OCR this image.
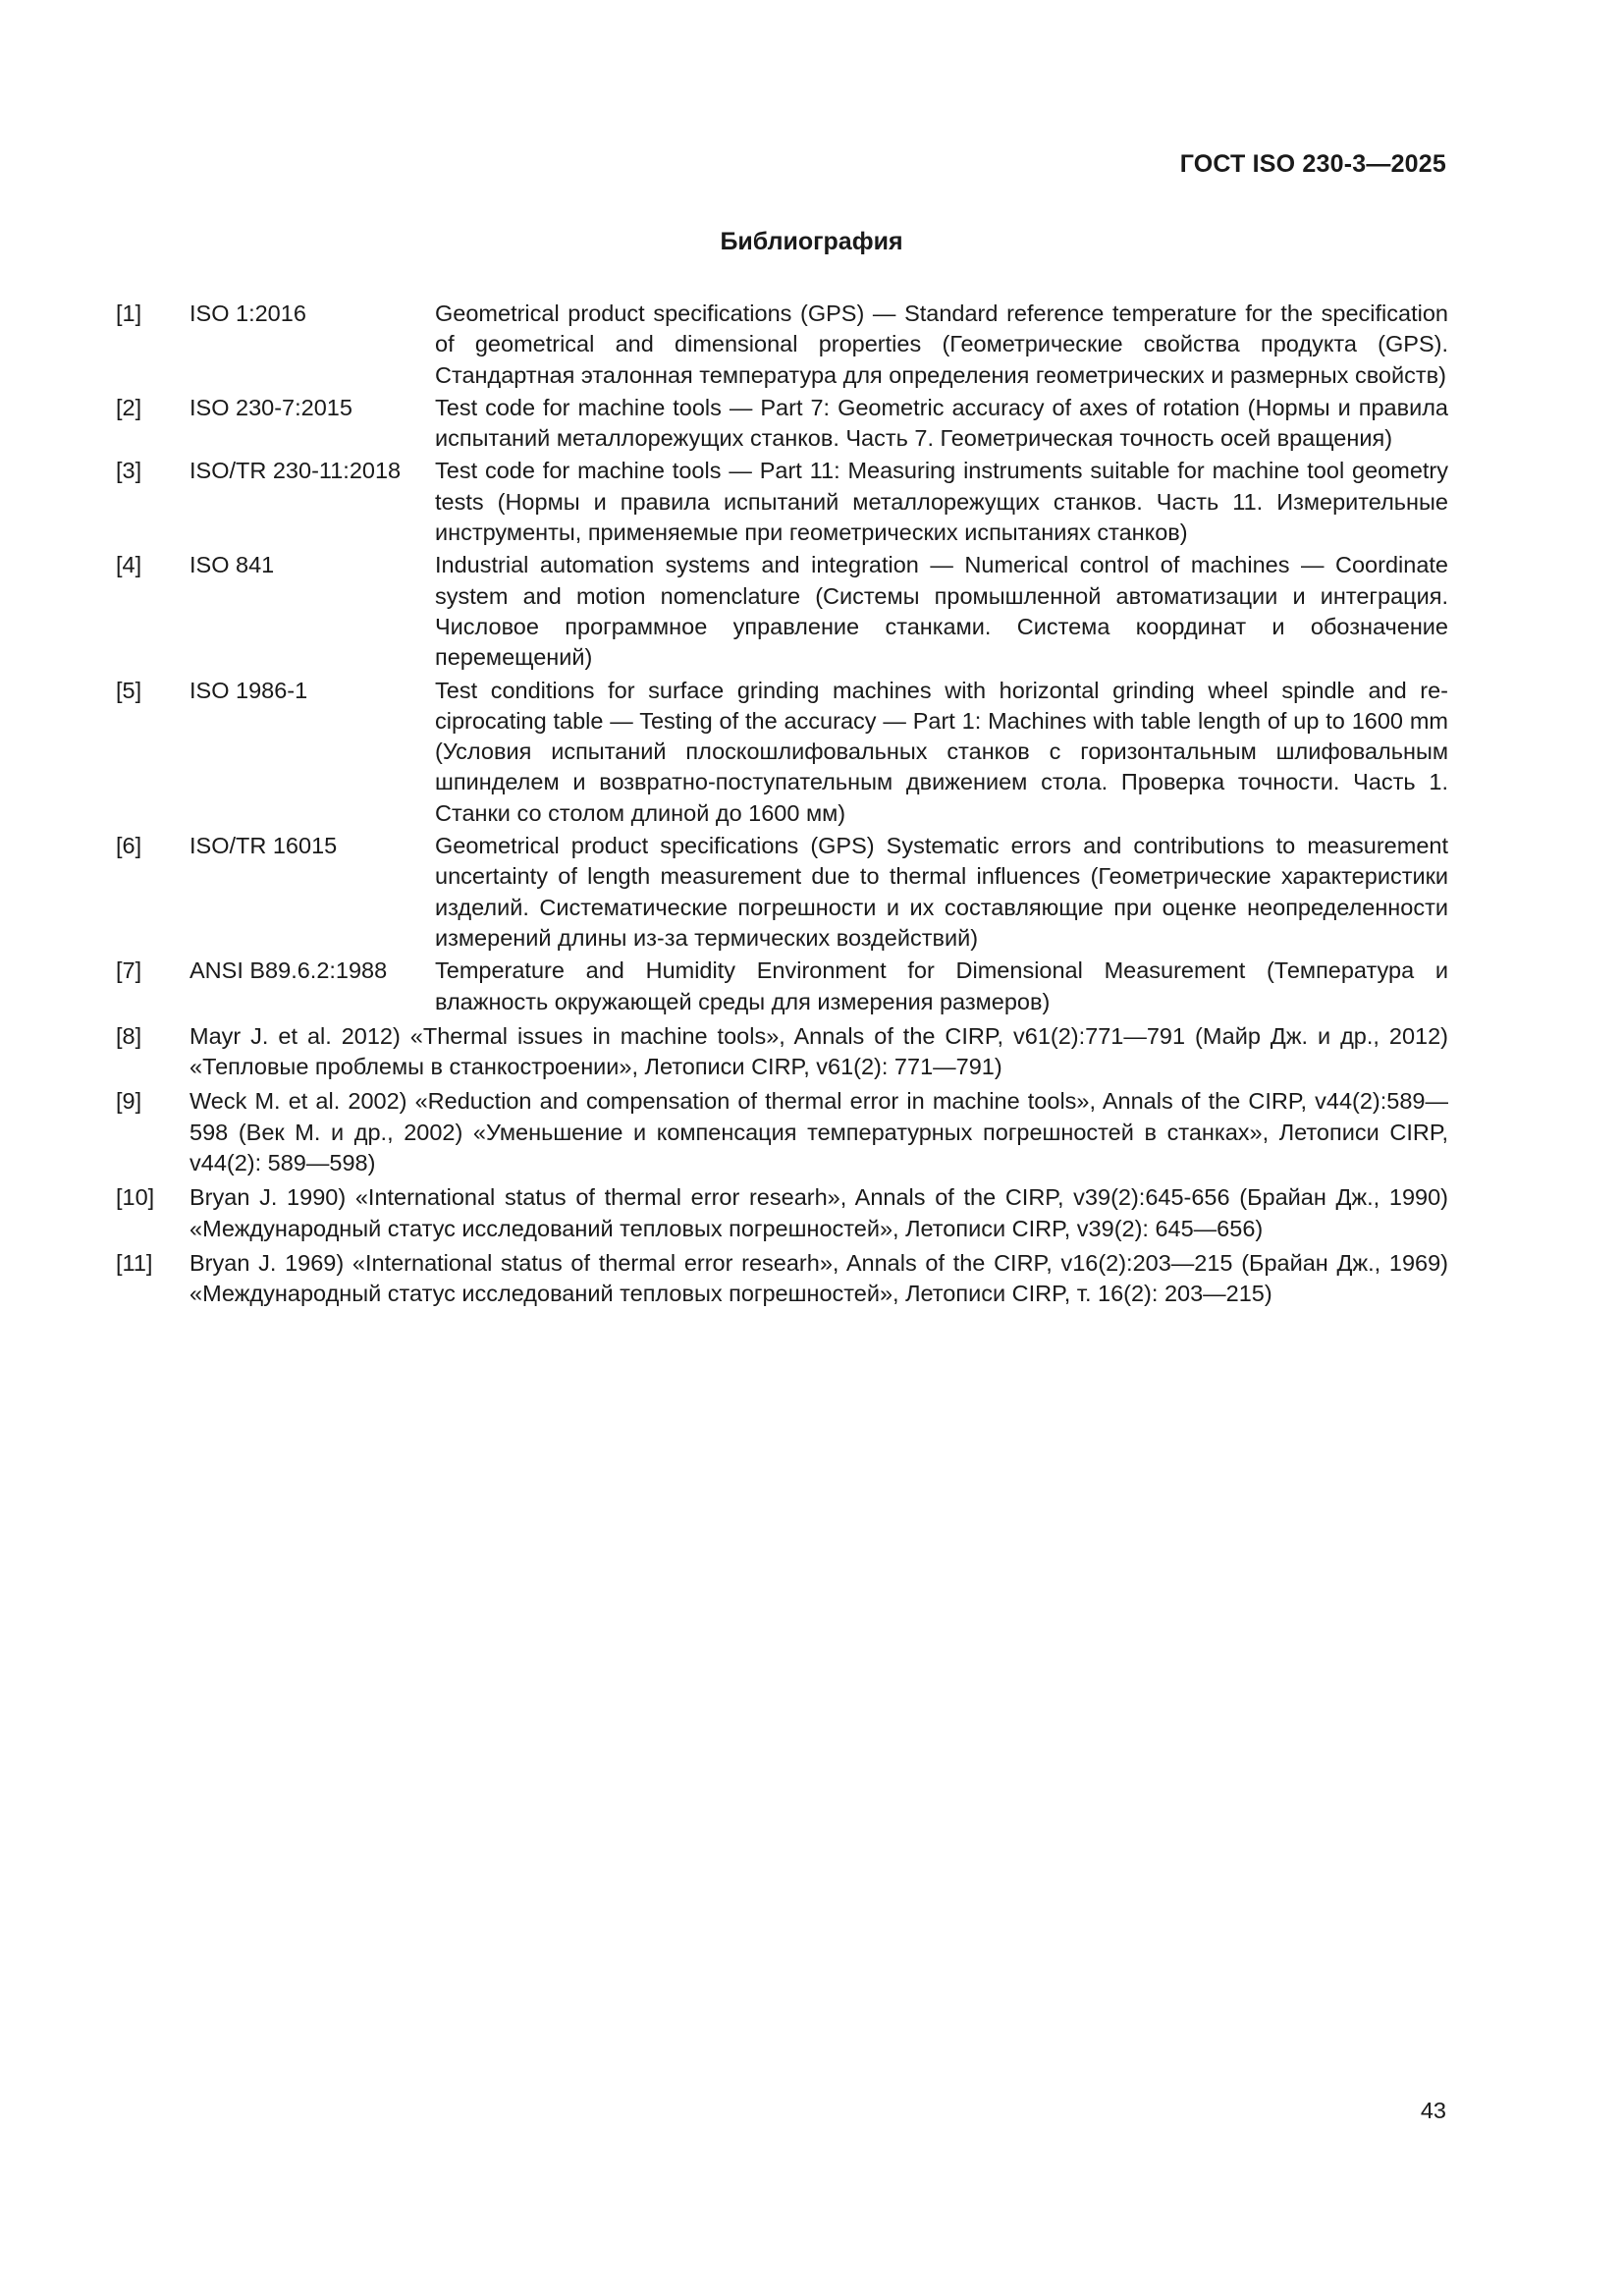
ГОСТ ISO 230-3—2025
Библиография
[1]	ISO 1:2016	Geometrical product specifications (GPS) — Standard reference temperature for the specification of geometrical and dimensional properties (Геометрические свойства продукта (GPS). Стандартная эталонная температура для определения геометрических и размерных свойств)
[2]	ISO 230-7:2015	Test code for machine tools — Part 7: Geometric accuracy of axes of rotation (Нормы и правила испытаний металлорежущих станков. Часть 7. Геометрическая точность осей вращения)
[3]	ISO/TR 230-11:2018	Test code for machine tools — Part 11: Measuring instruments suitable for machine tool geometry tests (Нормы и правила испытаний металлорежущих станков. Часть 11. Измерительные инструменты, применяемые при геометрических испытаниях станков)
[4]	ISO 841	Industrial automation systems and integration — Numerical control of machines — Coordinate system and motion nomenclature (Системы промышленной автоматизации и интеграция. Числовое программное управление станками. Система координат и обозначение перемещений)
[5]	ISO 1986-1	Test conditions for surface grinding machines with horizontal grinding wheel spindle and reciprocating table — Testing of the accuracy — Part 1: Machines with table length of up to 1600 mm (Условия испытаний плоскошлифовальных станков с горизонтальным шлифовальным шпинделем и возвратно-поступательным движением стола. Проверка точности. Часть 1. Станки со столом длиной до 1600 мм)
[6]	ISO/TR 16015	Geometrical product specifications (GPS) Systematic errors and contributions to measurement uncertainty of length measurement due to thermal influences (Геометрические характеристики изделий. Систематические погрешности и их составляющие при оценке неопределенности измерений длины из-за термических воздействий)
[7]	ANSI B89.6.2:1988	Temperature and Humidity Environment for Dimensional Measurement (Температура и влажность окружающей среды для измерения размеров)
[8]	Mayr J. et al. 2012) «Thermal issues in machine tools», Annals of the CIRP, v61(2):771—791 (Майр Дж. и др., 2012) «Тепловые проблемы в станкостроении», Летописи CIRP, v61(2): 771—791)
[9]	Weck M. et al. 2002) «Reduction and compensation of thermal error in machine tools», Annals of the CIRP, v44(2):589—598 (Век М. и др., 2002) «Уменьшение и компенсация температурных погрешностей в станках», Летописи CIRP, v44(2): 589—598)
[10]	Bryan J. 1990) «International status of thermal error researh», Annals of the CIRP, v39(2):645-656 (Брайан Дж., 1990) «Международный статус исследований тепловых погрешностей», Летописи CIRP, v39(2): 645—656)
[11]	Bryan J. 1969) «International status of thermal error researh», Annals of the CIRP, v16(2):203—215 (Брайан Дж., 1969) «Международный статус исследований тепловых погрешностей», Летописи CIRP, т. 16(2): 203—215)
43
